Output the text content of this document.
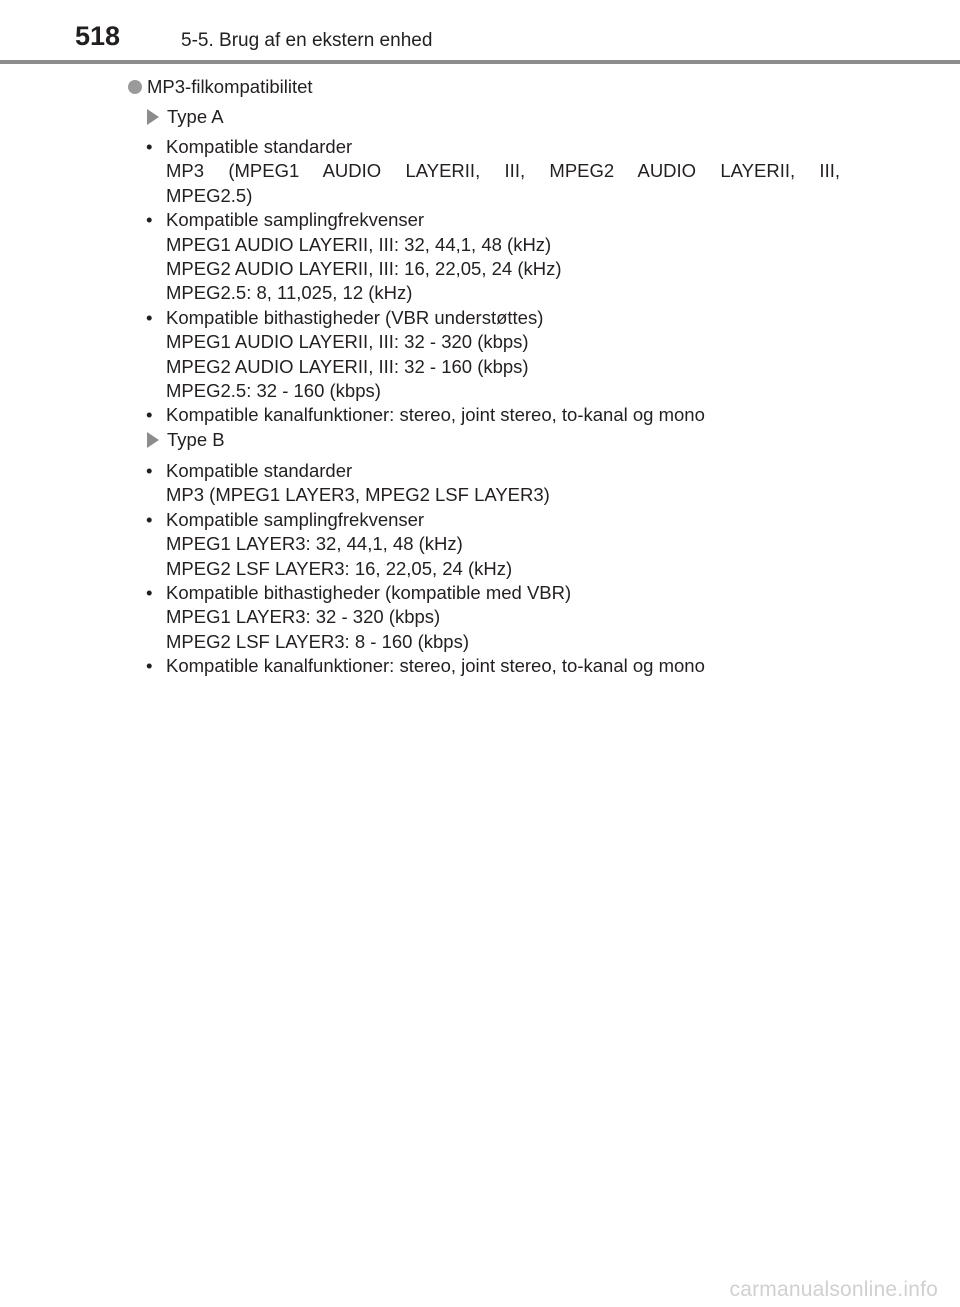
518	5-5. Brug af en ekstern enhed
MP3-filkompatibilitet
Type A
• Kompatible standarder
MP3 (MPEG1 AUDIO LAYERII, III, MPEG2 AUDIO LAYERII, III,
MPEG2.5)
• Kompatible samplingfrekvenser
MPEG1 AUDIO LAYERII, III: 32, 44,1, 48 (kHz)
MPEG2 AUDIO LAYERII, III: 16, 22,05, 24 (kHz)
MPEG2.5: 8, 11,025, 12 (kHz)
• Kompatible bithastigheder (VBR understøttes)
MPEG1 AUDIO LAYERII, III: 32 - 320 (kbps)
MPEG2 AUDIO LAYERII, III: 32 - 160 (kbps)
MPEG2.5: 32 - 160 (kbps)
• Kompatible kanalfunktioner: stereo, joint stereo, to-kanal og mono
Type B
• Kompatible standarder
MP3 (MPEG1 LAYER3, MPEG2 LSF LAYER3)
• Kompatible samplingfrekvenser
MPEG1 LAYER3: 32, 44,1, 48 (kHz)
MPEG2 LSF LAYER3: 16, 22,05, 24 (kHz)
• Kompatible bithastigheder (kompatible med VBR)
MPEG1 LAYER3: 32 - 320 (kbps)
MPEG2 LSF LAYER3: 8 - 160 (kbps)
• Kompatible kanalfunktioner: stereo, joint stereo, to-kanal og mono
carmanualsonline.info
